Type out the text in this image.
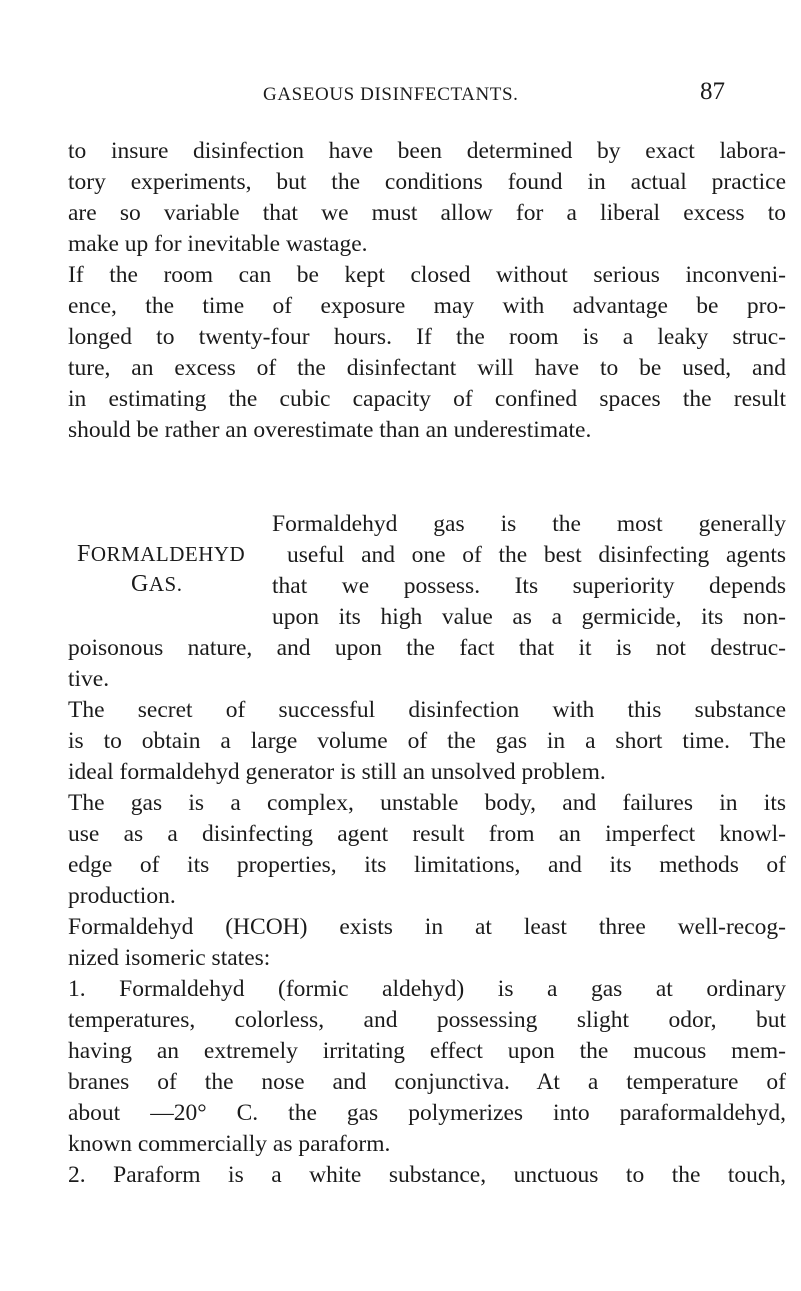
GASEOUS DISINFECTANTS.	87
to insure disinfection have been determined by exact labora-
tory experiments, but the conditions found in actual practice
are so variable that we must allow for a liberal excess to
make up for inevitable wastage.
If the room can be kept closed without serious inconveni-
ence, the time of exposure may with advantage be pro-
longed to twenty-four hours. If the room is a leaky struc-
ture, an excess of the disinfectant will have to be used, and
in estimating the cubic capacity of confined spaces the result
should be rather an overestimate than an underestimate.
FORMALDEHYD
GAS.
Formaldehyd gas is the most generally
useful and one of the best disinfecting agents
that we possess. Its superiority depends
upon its high value as a germicide, its non-
poisonous nature, and upon the fact that it is not destruc-
tive.
The secret of successful disinfection with this substance
is to obtain a large volume of the gas in a short time. The
ideal formaldehyd generator is still an unsolved problem.
The gas is a complex, unstable body, and failures in its
use as a disinfecting agent result from an imperfect knowl-
edge of its properties, its limitations, and its methods of
production.
Formaldehyd (HCOH) exists in at least three well-recog-
nized isomeric states:
1. Formaldehyd (formic aldehyd) is a gas at ordinary
temperatures, colorless, and possessing slight odor, but
having an extremely irritating effect upon the mucous mem-
branes of the nose and conjunctiva. At a temperature of
about —20° C. the gas polymerizes into paraformaldehyd,
known commercially as paraform.
2. Paraform is a white substance, unctuous to the touch,
